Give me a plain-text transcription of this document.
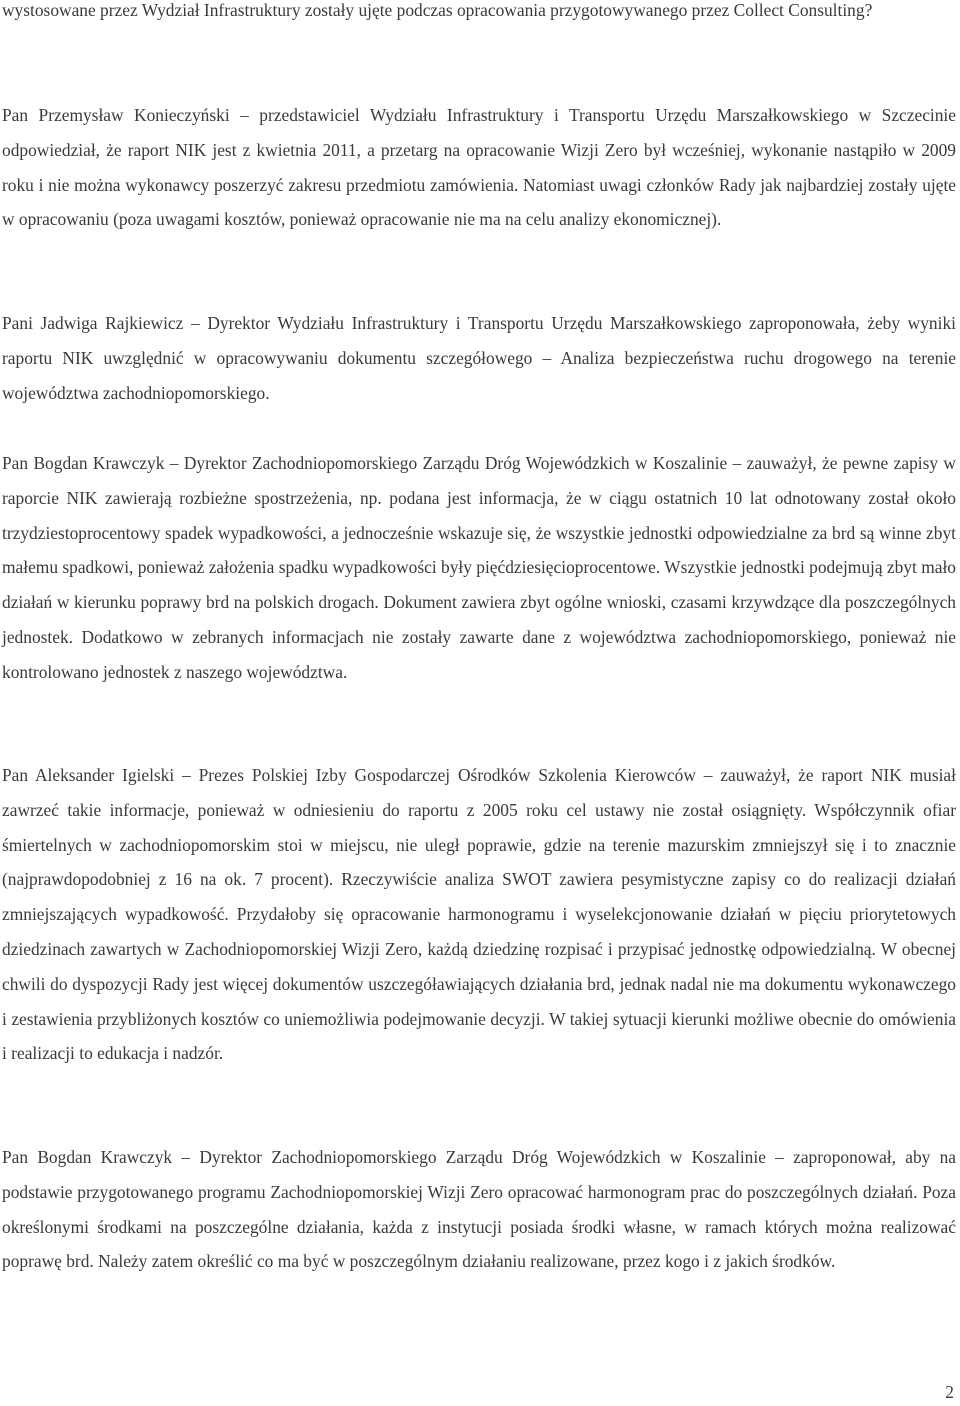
wystosowane przez Wydział Infrastruktury zostały ujęte podczas opracowania przygotowywanego przez Collect Consulting?

Pan Przemysław Konieczyński – przedstawiciel Wydziału Infrastruktury i Transportu Urzędu Marszałkowskiego w Szczecinie odpowiedział, że raport NIK jest z kwietnia 2011, a przetarg na opracowanie Wizji Zero był wcześniej, wykonanie nastąpiło w 2009 roku i nie można wykonawcy poszerzyć zakresu przedmiotu zamówienia. Natomiast uwagi członków Rady jak najbardziej zostały ujęte w opracowaniu (poza uwagami kosztów, ponieważ opracowanie nie ma na celu analizy ekonomicznej).

Pani Jadwiga Rajkiewicz – Dyrektor Wydziału Infrastruktury i Transportu Urzędu Marszałkowskiego zaproponowała, żeby wyniki raportu NIK uwzględnić w opracowywaniu dokumentu szczegółowego – Analiza bezpieczeństwa ruchu drogowego na terenie województwa zachodniopomorskiego.

Pan Bogdan Krawczyk – Dyrektor Zachodniopomorskiego Zarządu Dróg Wojewódzkich w Koszalinie – zauważył, że pewne zapisy w raporcie NIK zawierają rozbieżne spostrzeżenia, np. podana jest informacja, że w ciągu ostatnich 10 lat odnotowany został około trzydziestoprocentowy spadek wypadkowości, a jednocześnie wskazuje się, że wszystkie jednostki odpowiedzialne za brd są winne zbyt małemu spadkowi, ponieważ założenia spadku wypadkowości były pięćdziesięcioprocentowe. Wszystkie jednostki podejmują zbyt mało działań w kierunku poprawy brd na polskich drogach. Dokument zawiera zbyt ogólne wnioski, czasami krzywdzące dla poszczególnych jednostek. Dodatkowo w zebranych informacjach nie zostały zawarte dane z województwa zachodniopomorskiego, ponieważ nie kontrolowano jednostek z naszego województwa.

Pan Aleksander Igielski – Prezes Polskiej Izby Gospodarczej Ośrodków Szkolenia Kierowców – zauważył, że raport NIK musiał zawrzeć takie informacje, ponieważ w odniesieniu do raportu z 2005 roku cel ustawy nie został osiągnięty. Współczynnik ofiar śmiertelnych w zachodniopomorskim stoi w miejscu, nie uległ poprawie, gdzie na terenie mazurskim zmniejszył się i to znacznie (najprawdopodobniej z 16 na ok. 7 procent). Rzeczywiście analiza SWOT zawiera pesymistyczne zapisy co do realizacji działań zmniejszających wypadkowość. Przydałoby się opracowanie harmonogramu i wyselekcjonowanie działań w pięciu priorytetowych dziedzinach zawartych w Zachodniopomorskiej Wizji Zero, każdą dziedzinę rozpisać i przypisać jednostkę odpowiedzialną. W obecnej chwili do dyspozycji Rady jest więcej dokumentów uszczegóławiających działania brd, jednak nadal nie ma dokumentu wykonawczego i zestawienia przybliżonych kosztów co uniemożliwia podejmowanie decyzji. W takiej sytuacji kierunki możliwe obecnie do omówienia i realizacji to edukacja i nadzór.

Pan Bogdan Krawczyk – Dyrektor Zachodniopomorskiego Zarządu Dróg Wojewódzkich w Koszalinie – zaproponował, aby na podstawie przygotowanego programu Zachodniopomorskiej Wizji Zero opracować harmonogram prac do poszczególnych działań. Poza określonymi środkami na poszczególne działania, każda z instytucji posiada środki własne, w ramach których można realizować poprawę brd. Należy zatem określić co ma być w poszczególnym działaniu realizowane, przez kogo i z jakich środków.

2
